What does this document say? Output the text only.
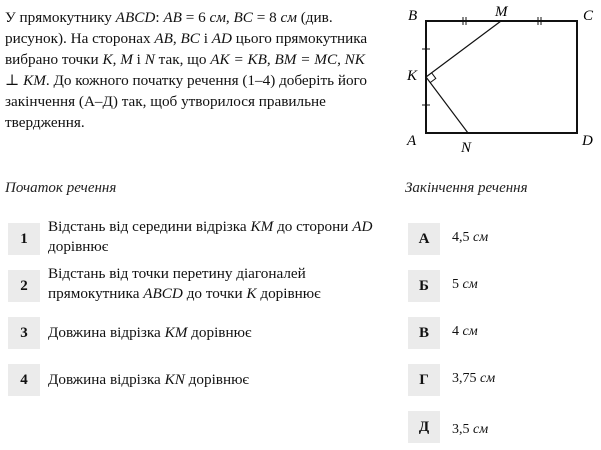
У прямокутнику ABCD: AB = 6 см, BC = 8 см (див. рисунок). На сторонах AB, BC і AD цього прямокутника вибрано точки K, M і N так, що AK = KB, BM = MC, NK ⊥ KM. До кожного початку речення (1–4) доберіть його закінчення (А–Д) так, щоб утворилося правильне твердження.

B	M	C
K
A	N	D
Початок речення	Закінчення речення
1
Відстань від середини відрізка KM до сторони AD дорівнює
2
Відстань від точки перетину діагоналей прямокутника ABCD до точки K дорівнює
3	Довжина відрізка KM дорівнює
4	Довжина відрізка KN дорівнює
А	4,5 см
Б	5 см
В	4 см
Г	3,75 см
Д	3,5 см
